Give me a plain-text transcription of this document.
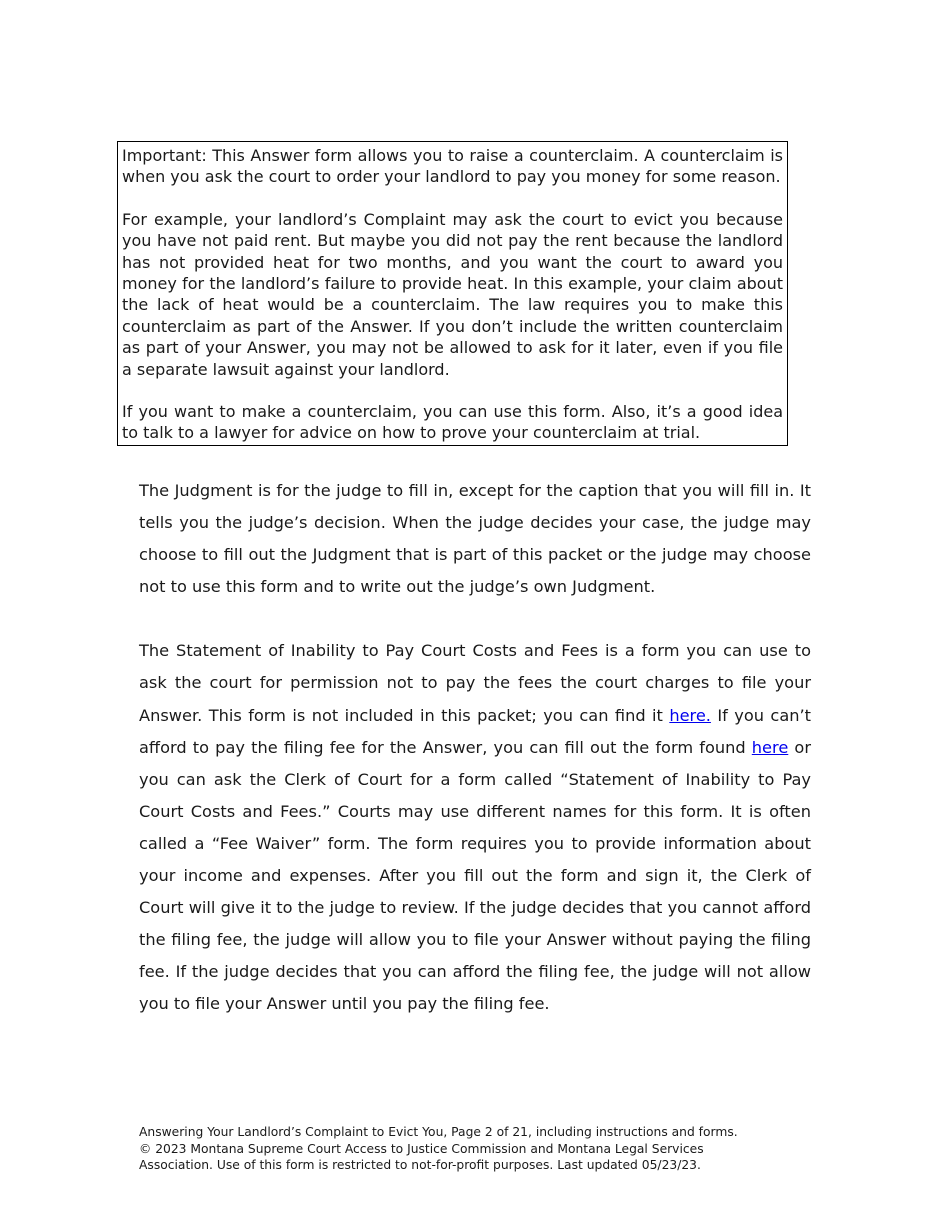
Important: This Answer form allows you to raise a counterclaim. A counterclaim is when you ask the court to order your landlord to pay you money for some reason.

For example, your landlord’s Complaint may ask the court to evict you because you have not paid rent. But maybe you did not pay the rent because the landlord has not provided heat for two months, and you want the court to award you money for the landlord’s failure to provide heat. In this example, your claim about the lack of heat would be a counterclaim. The law requires you to make this counterclaim as part of the Answer. If you don’t include the written counterclaim as part of your Answer, you may not be allowed to ask for it later, even if you file a separate lawsuit against your landlord.

If you want to make a counterclaim, you can use this form. Also, it’s a good idea to talk to a lawyer for advice on how to prove your counterclaim at trial.

The Judgment is for the judge to fill in, except for the caption that you will fill in. It tells you the judge’s decision. When the judge decides your case, the judge may choose to fill out the Judgment that is part of this packet or the judge may choose not to use this form and to write out the judge’s own Judgment.

The Statement of Inability to Pay Court Costs and Fees is a form you can use to ask the court for permission not to pay the fees the court charges to file your Answer. This form is not included in this packet; you can find it here. If you can’t afford to pay the filing fee for the Answer, you can fill out the form found here or you can ask the Clerk of Court for a form called “Statement of Inability to Pay Court Costs and Fees.” Courts may use different names for this form. It is often called a “Fee Waiver” form. The form requires you to provide information about your income and expenses. After you fill out the form and sign it, the Clerk of Court will give it to the judge to review. If the judge decides that you cannot afford the filing fee, the judge will allow you to file your Answer without paying the filing fee. If the judge decides that you can afford the filing fee, the judge will not allow you to file your Answer until you pay the filing fee.

Answering Your Landlord’s Complaint to Evict You, Page 2 of 21, including instructions and forms.
© 2023 Montana Supreme Court Access to Justice Commission and Montana Legal Services Association. Use of this form is restricted to not-for-profit purposes. Last updated 05/23/23.
